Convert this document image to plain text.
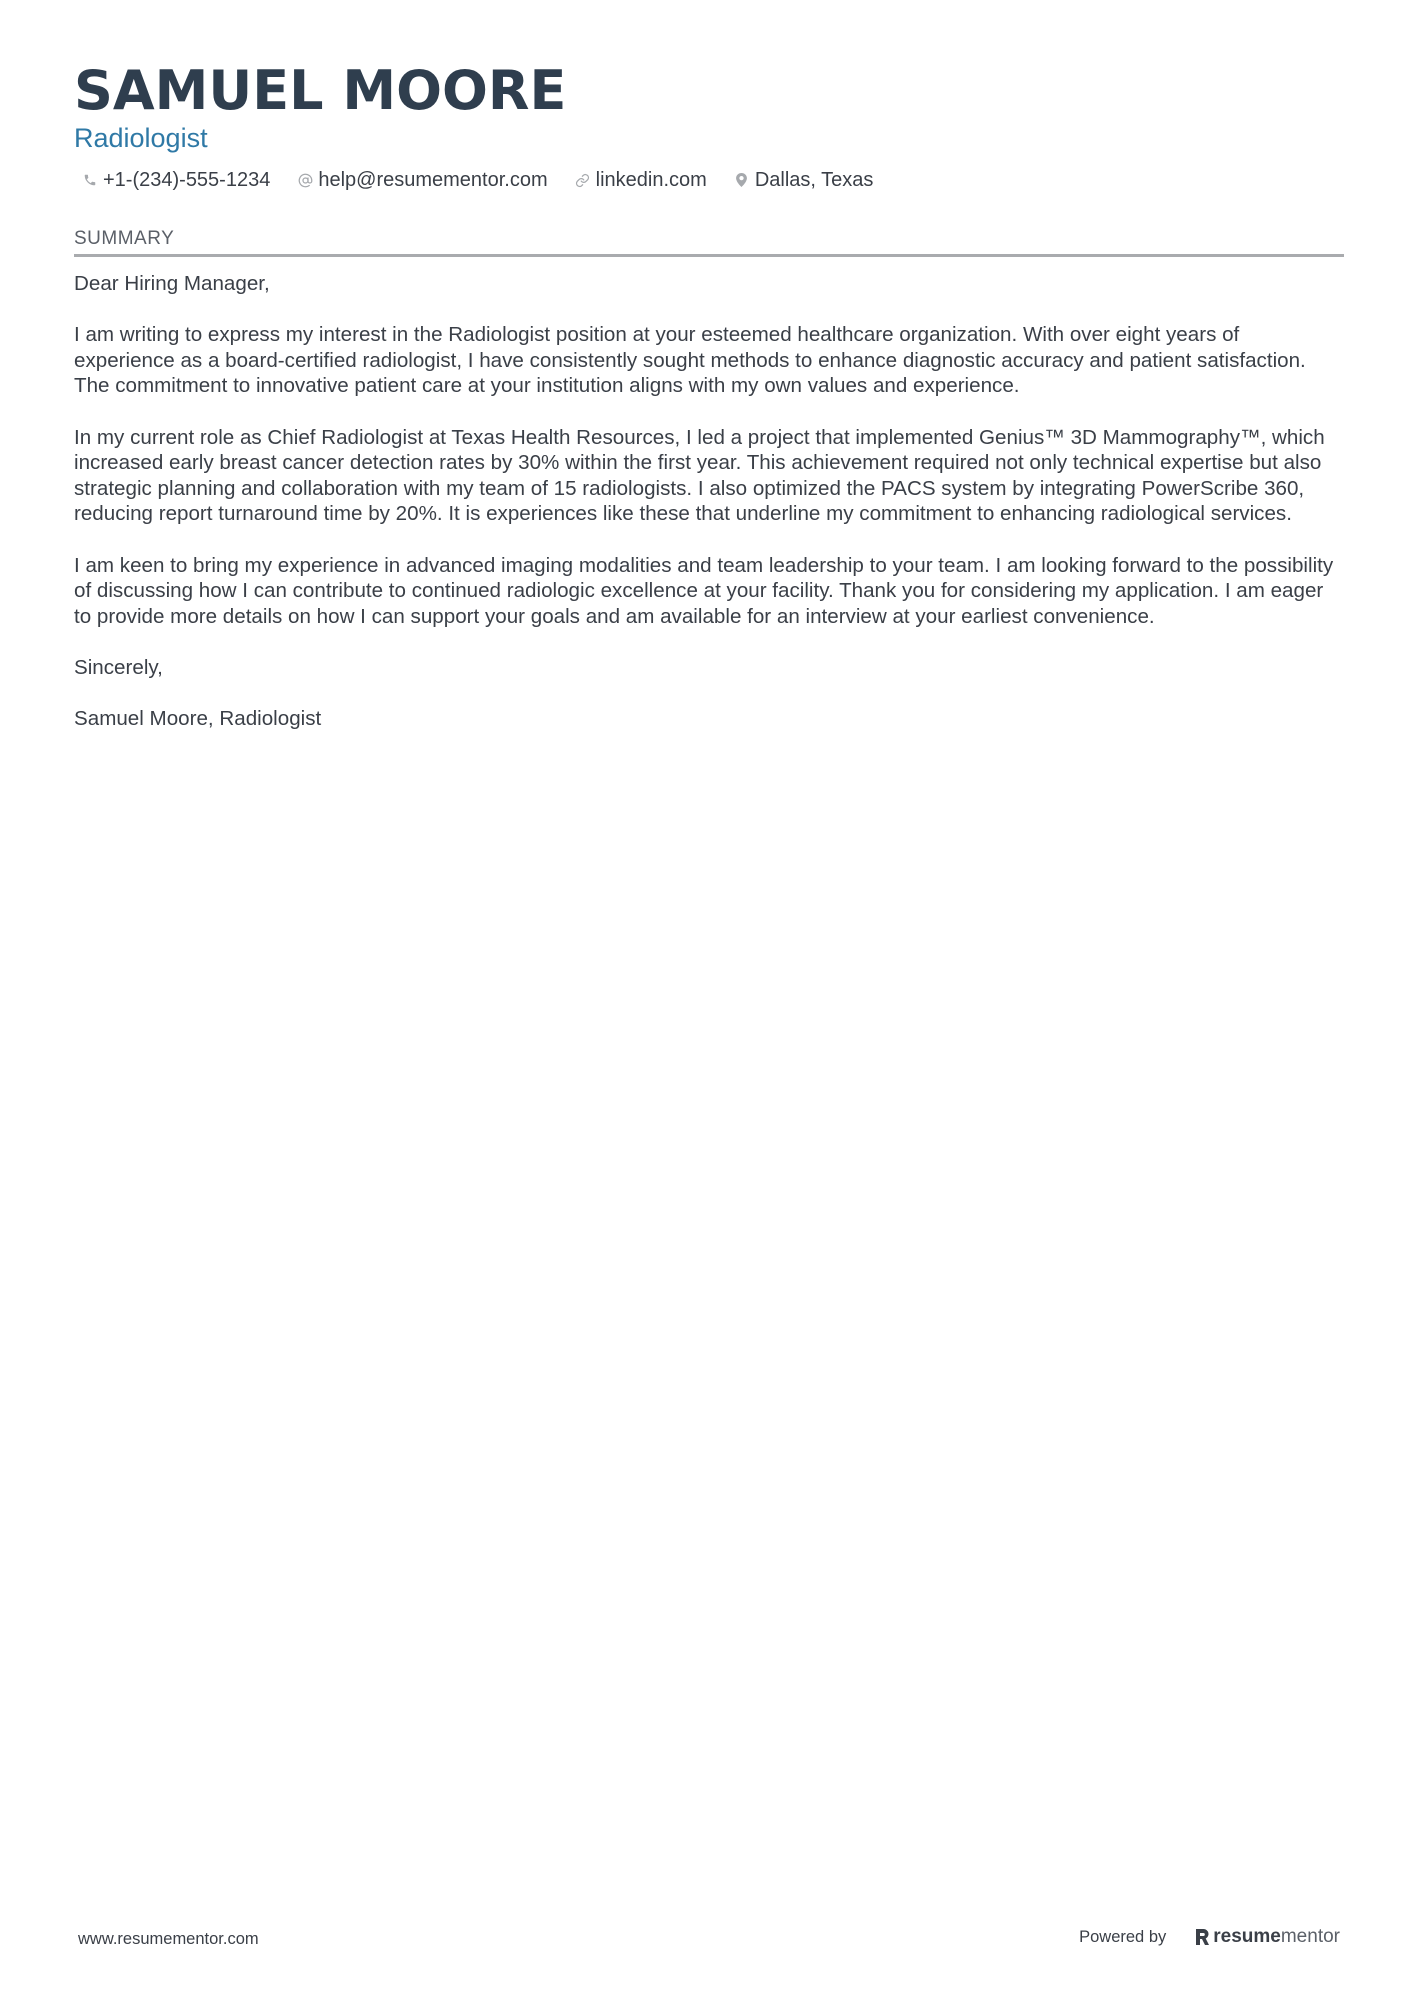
SAMUEL MOORE
Radiologist
+1-(234)-555-1234 help@resumementor.com linkedin.com Dallas, Texas
SUMMARY

Dear Hiring Manager,

I am writing to express my interest in the Radiologist position at your esteemed healthcare organization. With over eight years of experience as a board-certified radiologist, I have consistently sought methods to enhance diagnostic accuracy and patient satisfaction. The commitment to innovative patient care at your institution aligns with my own values and experience.

In my current role as Chief Radiologist at Texas Health Resources, I led a project that implemented Genius™ 3D Mammography™, which increased early breast cancer detection rates by 30% within the first year. This achievement required not only technical expertise but also strategic planning and collaboration with my team of 15 radiologists. I also optimized the PACS system by integrating PowerScribe 360, reducing report turnaround time by 20%. It is experiences like these that underline my commitment to enhancing radiological services.

I am keen to bring my experience in advanced imaging modalities and team leadership to your team. I am looking forward to the possibility of discussing how I can contribute to continued radiologic excellence at your facility. Thank you for considering my application. I am eager to provide more details on how I can support your goals and am available for an interview at your earliest convenience.

Sincerely,

Samuel Moore, Radiologist

www.resumementor.com	Powered by resume mentor
